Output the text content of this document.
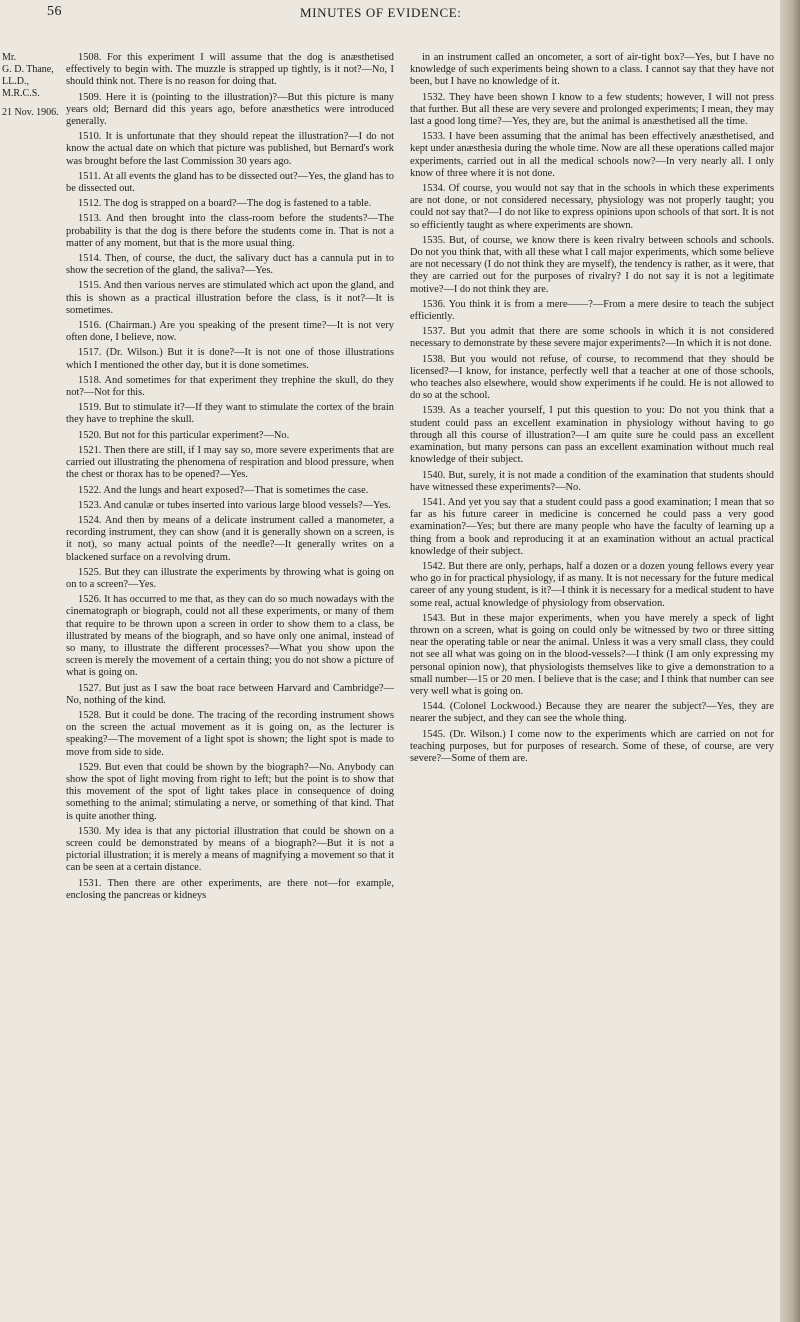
56	MINUTES OF EVIDENCE:
Mr.
G. D. Thane,
LL.D.,
M.R.C.S.
21 Nov. 1906.

1508. For this experiment I will assume that the dog is anæsthetised effectively to begin with. The muzzle is strapped up tightly, is it not?—No, I should think not. There is no reason for doing that.

1509. Here it is (pointing to the illustration)?—But this picture is many years old; Bernard did this years ago, before anæsthetics were introduced generally.

1510. It is unfortunate that they should repeat the illustration?—I do not know the actual date on which that picture was published, but Bernard's work was brought before the last Commission 30 years ago.

1511. At all events the gland has to be dissected out?—Yes, the gland has to be dissected out.

1512. The dog is strapped on a board?—The dog is fastened to a table.

1513. And then brought into the class-room before the students?—The probability is that the dog is there before the students come in. That is not a matter of any moment, but that is the more usual thing.

1514. Then, of course, the duct, the salivary duct has a cannula put in to show the secretion of the gland, the saliva?—Yes.

1515. And then various nerves are stimulated which act upon the gland, and this is shown as a practical illustration before the class, is it not?—It is sometimes.

1516. (Chairman.) Are you speaking of the present time?—It is not very often done, I believe, now.

1517. (Dr. Wilson.) But it is done?—It is not one of those illustrations which I mentioned the other day, but it is done sometimes.

1518. And sometimes for that experiment they trephine the skull, do they not?—Not for this.

1519. But to stimulate it?—If they want to stimulate the cortex of the brain they have to trephine the skull.

1520. But not for this particular experiment?—No.

1521. Then there are still, if I may say so, more severe experiments that are carried out illustrating the phenomena of respiration and blood pressure, when the chest or thorax has to be opened?—Yes.

1522. And the lungs and heart exposed?—That is sometimes the case.

1523. And canulæ or tubes inserted into various large blood vessels?—Yes.

1524. And then by means of a delicate instrument called a manometer, a recording instrument, they can show (and it is generally shown on a screen, is it not), so many actual points of the needle?—It generally writes on a blackened surface on a revolving drum.

1525. But they can illustrate the experiments by throwing what is going on on to a screen?—Yes.

1526. It has occurred to me that, as they can do so much nowadays with the cinematograph or biograph, could not all these experiments, or many of them that require to be thrown upon a screen in order to show them to a class, be illustrated by means of the biograph, and so have only one animal, instead of so many, to illustrate the different processes?—What you show upon the screen is merely the movement of a certain thing; you do not show a picture of what is going on.

1527. But just as I saw the boat race between Harvard and Cambridge?—No, nothing of the kind.

1528. But it could be done. The tracing of the recording instrument shows on the screen the actual movement as it is going on, as the lecturer is speaking?—The movement of a light spot is shown; the light spot is made to move from side to side.

1529. But even that could be shown by the biograph?—No. Anybody can show the spot of light moving from right to left; but the point is to show that this movement of the spot of light takes place in consequence of doing something to the animal; stimulating a nerve, or something of that kind. That is quite another thing.

1530. My idea is that any pictorial illustration that could be shown on a screen could be demonstrated by means of a biograph?—But it is not a pictorial illustration; it is merely a means of magnifying a movement so that it can be seen at a certain distance.

1531. Then there are other experiments, are there not—for example, enclosing the pancreas or kidneys

in an instrument called an oncometer, a sort of air-tight box?—Yes, but I have no knowledge of such experiments being shown to a class. I cannot say that they have not been, but I have no knowledge of it.

1532. They have been shown I know to a few students; however, I will not press that further. But all these are very severe and prolonged experiments; I mean, they may last a good long time?—Yes, they are, but the animal is anæsthetised all the time.

1533. I have been assuming that the animal has been effectively anæsthetised, and kept under anæsthesia during the whole time. Now are all these operations called major experiments, carried out in all the medical schools now?—In very nearly all. I only know of three where it is not done.

1534. Of course, you would not say that in the schools in which these experiments are not done, or not considered necessary, physiology was not properly taught; you could not say that?—I do not like to express opinions upon schools of that sort. It is not so efficiently taught as where experiments are shown.

1535. But, of course, we know there is keen rivalry between schools and schools. Do not you think that, with all these what I call major experiments, which some believe are not necessary (I do not think they are myself), the tendency is rather, as it were, that they are carried out for the purposes of rivalry? I do not say it is not a legitimate motive?—I do not think they are.

1536. You think it is from a mere——?—From a mere desire to teach the subject efficiently.

1537. But you admit that there are some schools in which it is not considered necessary to demonstrate by these severe major experiments?—In which it is not done.

1538. But you would not refuse, of course, to recommend that they should be licensed?—I know, for instance, perfectly well that a teacher at one of those schools, who teaches also elsewhere, would show experiments if he could. He is not allowed to do so at the school.

1539. As a teacher yourself, I put this question to you: Do not you think that a student could pass an excellent examination in physiology without having to go through all this course of illustration?—I am quite sure he could pass an excellent examination, but many persons can pass an excellent examination without much real knowledge of their subject.

1540. But, surely, it is not made a condition of the examination that students should have witnessed these experiments?—No.

1541. And yet you say that a student could pass a good examination; I mean that so far as his future career in medicine is concerned he could pass a very good examination?—Yes; but there are many people who have the faculty of learning up a thing from a book and reproducing it at an examination without an actual practical knowledge of their subject.

1542. But there are only, perhaps, half a dozen or a dozen young fellows every year who go in for practical physiology, if as many. It is not necessary for the future medical career of any young student, is it?—I think it is necessary for a medical student to have some real, actual knowledge of physiology from observation.

1543. But in these major experiments, when you have merely a speck of light thrown on a screen, what is going on could only be witnessed by two or three sitting near the operating table or near the animal. Unless it was a very small class, they could not see all what was going on in the blood-vessels?—I think (I am only expressing my personal opinion now), that physiologists themselves like to give a demonstration to a small number—15 or 20 men. I believe that is the case; and I think that number can see very well what is going on.

1544. (Colonel Lockwood.) Because they are nearer the subject?—Yes, they are nearer the subject, and they can see the whole thing.

1545. (Dr. Wilson.) I come now to the experiments which are carried on not for teaching purposes, but for purposes of research. Some of these, of course, are very severe?—Some of them are.
